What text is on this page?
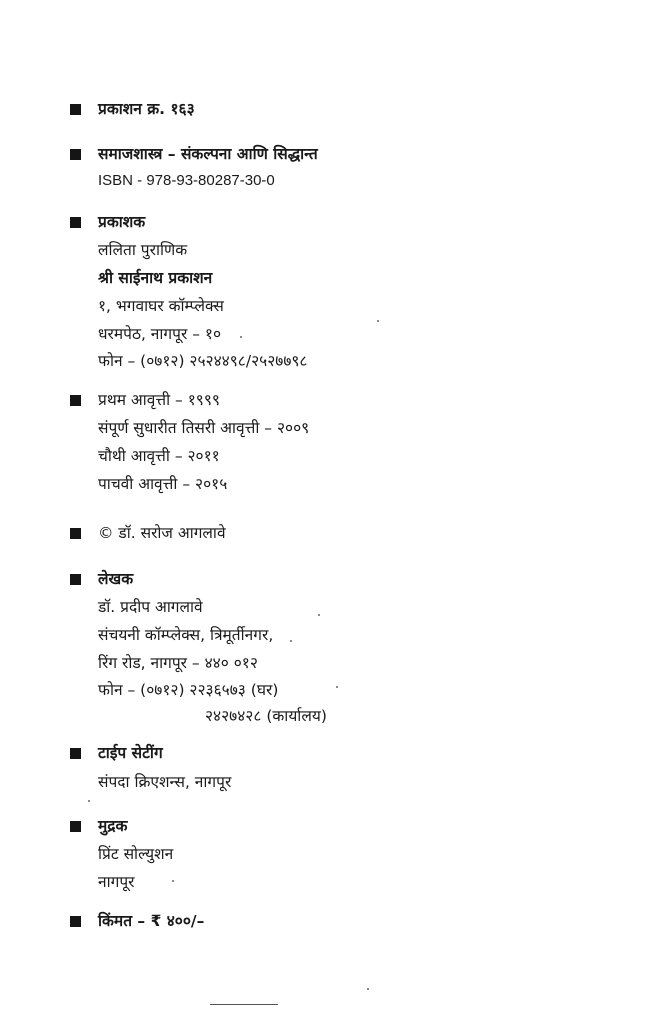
प्रकाशन क्र. १६३
समाजशास्त्र – संकल्पना आणि सिद्धान्त
ISBN - 978-93-80287-30-0
प्रकाशक
ललिता पुराणिक
श्री साईनाथ प्रकाशन
१, भगवाघर कॉम्प्लेक्स
धरमपेठ, नागपूर – १०
फोन – (०७१२) २५२४४९८/२५२७७९८
प्रथम आवृत्ती – १९९९
संपूर्ण सुधारीत तिसरी आवृत्ती – २००९
चौथी आवृत्ती – २०११
पाचवी आवृत्ती – २०१५
© डॉ. सरोज आगलावे
लेखक
डॉ. प्रदीप आगलावे
संचयनी कॉम्प्लेक्स, त्रिमूर्तीनगर,
रिंग रोड, नागपूर – ४४० ०१२
फोन – (०७१२) २२३६५७३ (घर)
२४२७४२८ (कार्यालय)
टाईप सेटींग
संपदा क्रिएशन्स, नागपूर
मुद्रक
प्रिंट सोल्युशन
नागपूर
किंमत – ₹ ४००/–
